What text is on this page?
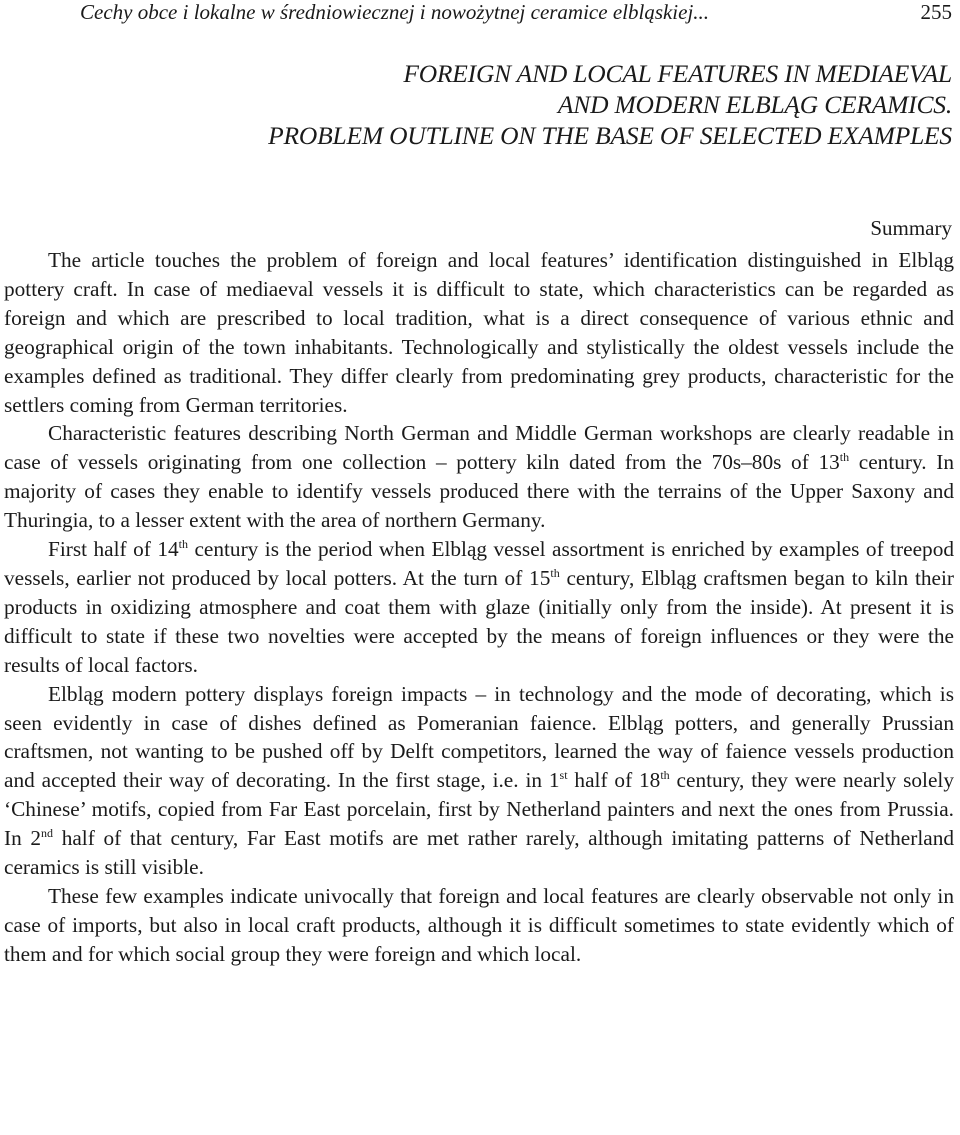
Cechy obce i lokalne w średniowiecznej i nowożytnej ceramice elbląskiej...	255
FOREIGN AND LOCAL FEATURES IN MEDIAEVAL
AND MODERN ELBLĄG CERAMICS.
PROBLEM OUTLINE ON THE BASE OF SELECTED EXAMPLES
Summary

The article touches the problem of foreign and local features’ identification distinguished in Elbląg pottery craft. In case of mediaeval vessels it is difficult to state, which characteristics can be regarded as foreign and which are prescribed to local tradition, what is a direct consequence of various ethnic and geographical origin of the town inhabitants. Technologically and stylistically the oldest vessels include the examples defined as traditional. They differ clearly from predominating grey products, characteristic for the settlers coming from German territories.

Characteristic features describing North German and Middle German workshops are clearly readable in case of vessels originating from one collection – pottery kiln dated from the 70s–80s of 13th century. In majority of cases they enable to identify vessels produced there with the terrains of the Upper Saxony and Thuringia, to a lesser extent with the area of northern Germany.

First half of 14th century is the period when Elbląg vessel assortment is enriched by examples of treepod vessels, earlier not produced by local potters. At the turn of 15th century, Elbląg craftsmen began to kiln their products in oxidizing atmosphere and coat them with glaze (initially only from the inside). At present it is difficult to state if these two novelties were accepted by the means of foreign influences or they were the results of local factors.

Elbląg modern pottery displays foreign impacts – in technology and the mode of decorating, which is seen evidently in case of dishes defined as Pomeranian faience. Elbląg potters, and generally Prussian craftsmen, not wanting to be pushed off by Delft competitors, learned the way of faience vessels production and accepted their way of decorating. In the first stage, i.e. in 1st half of 18th century, they were nearly solely ‘Chinese’ motifs, copied from Far East porcelain, first by Netherland painters and next the ones from Prussia. In 2nd half of that century, Far East motifs are met rather rarely, although imitating patterns of Netherland ceramics is still visible.

These few examples indicate univocally that foreign and local features are clearly observable not only in case of imports, but also in local craft products, although it is difficult sometimes to state evidently which of them and for which social group they were foreign and which local.
